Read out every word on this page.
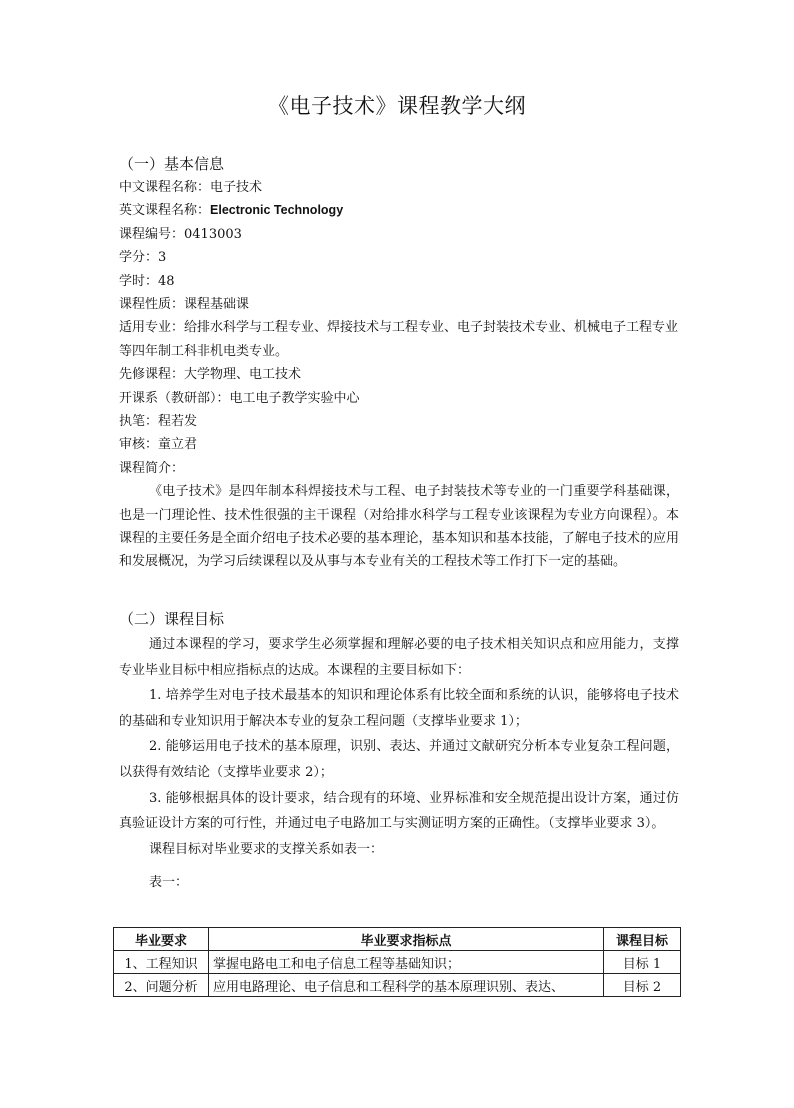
《电子技术》课程教学大纲
（一）基本信息
中文课程名称：电子技术
英文课程名称：Electronic Technology
课程编号：0413003
学分：3
学时：48
课程性质：课程基础课
适用专业：给排水科学与工程专业、焊接技术与工程专业、电子封装技术专业、机械电子工程专业等四年制工科非机电类专业。
先修课程：大学物理、电工技术
开课系（教研部）：电工电子教学实验中心
执笔：程若发
审核：童立君
课程简介：
《电子技术》是四年制本科焊接技术与工程、电子封装技术等专业的一门重要学科基础课，也是一门理论性、技术性很强的主干课程（对给排水科学与工程专业该课程为专业方向课程）。本课程的主要任务是全面介绍电子技术必要的基本理论，基本知识和基本技能，了解电子技术的应用和发展概况，为学习后续课程以及从事与本专业有关的工程技术等工作打下一定的基础。
（二）课程目标
通过本课程的学习，要求学生必须掌握和理解必要的电子技术相关知识点和应用能力，支撑专业毕业目标中相应指标点的达成。本课程的主要目标如下：
1. 培养学生对电子技术最基本的知识和理论体系有比较全面和系统的认识，能够将电子技术的基础和专业知识用于解决本专业的复杂工程问题（支撑毕业要求 1）；
2. 能够运用电子技术的基本原理，识别、表达、并通过文献研究分析本专业复杂工程问题，以获得有效结论（支撑毕业要求 2）；
3. 能够根据具体的设计要求，结合现有的环境、业界标准和安全规范提出设计方案，通过仿真验证设计方案的可行性，并通过电子电路加工与实测证明方案的正确性。（支撑毕业要求 3）。
课程目标对毕业要求的支撑关系如表一：
表一：
毕业要求	毕业要求指标点	课程目标
1、工程知识	掌握电路电工和电子信息工程等基础知识；	目标 1
2、问题分析	应用电路理论、电子信息和工程科学的基本原理识别、表达、	目标 2
